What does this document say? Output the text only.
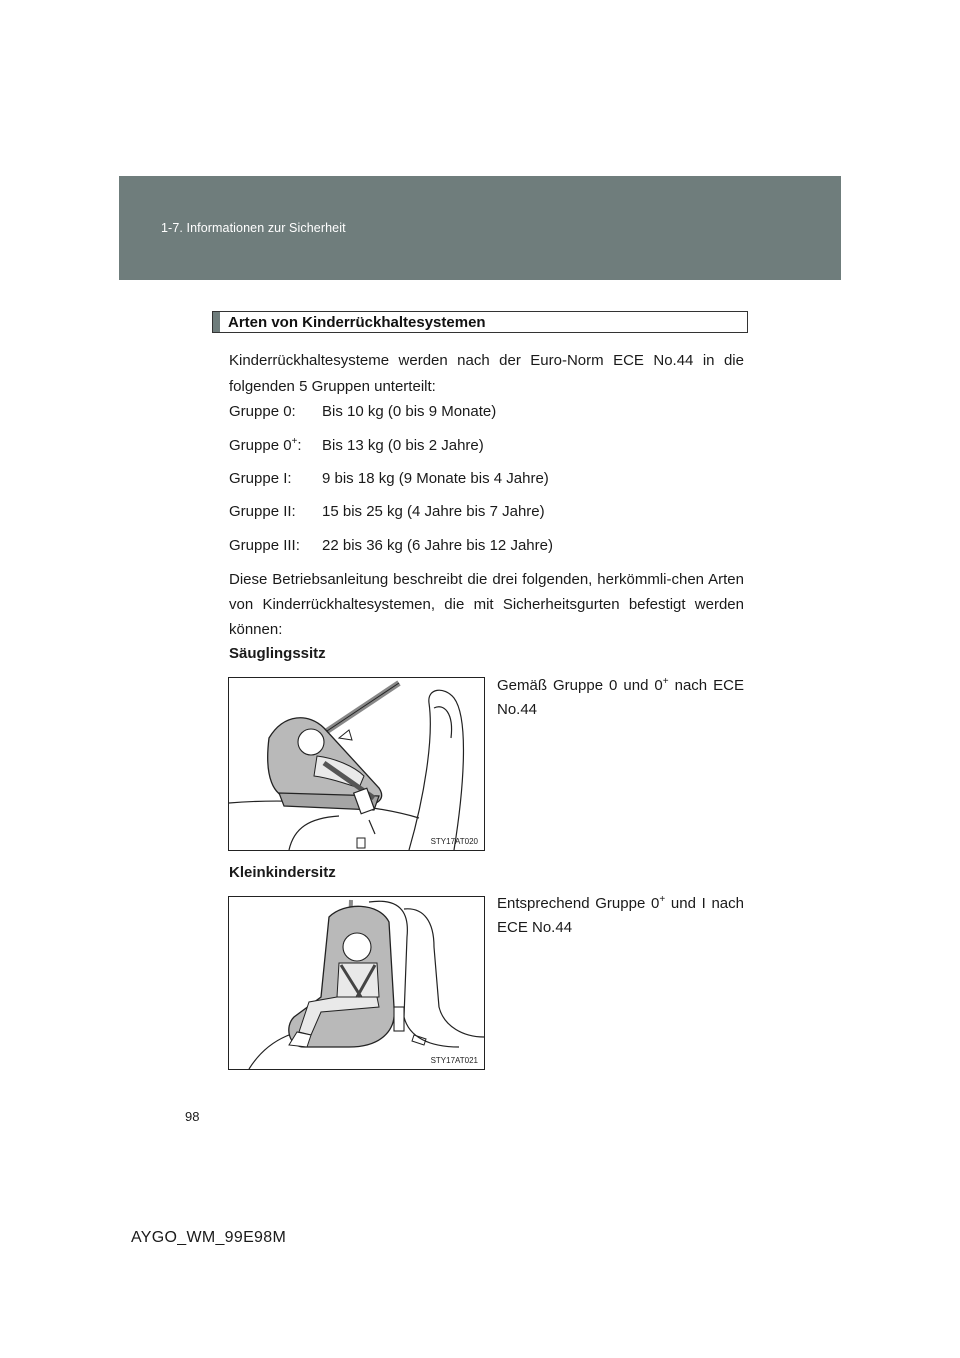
1-7. Informationen zur Sicherheit
Arten von Kinderrückhaltesystemen
Kinderrückhaltesysteme werden nach der Euro-Norm ECE No.44 in die folgenden 5 Gruppen unterteilt:
Gruppe 0: Bis 10 kg (0 bis 9 Monate)
Gruppe 0+: Bis 13 kg (0 bis 2 Jahre)
Gruppe I: 9 bis 18 kg (9 Monate bis 4 Jahre)
Gruppe II: 15 bis 25 kg (4 Jahre bis 7 Jahre)
Gruppe III: 22 bis 36 kg (6 Jahre bis 12 Jahre)
Diese Betriebsanleitung beschreibt die drei folgenden, herkömmli-chen Arten von Kinderrückhaltesystemen, die mit Sicherheitsgurten befestigt werden können:
Säuglingssitz
STY17AT020
Gemäß Gruppe 0 und 0+ nach ECE No.44
Kleinkindersitz
STY17AT021
Entsprechend Gruppe 0+ und I nach ECE No.44
98
AYGO_WM_99E98M
